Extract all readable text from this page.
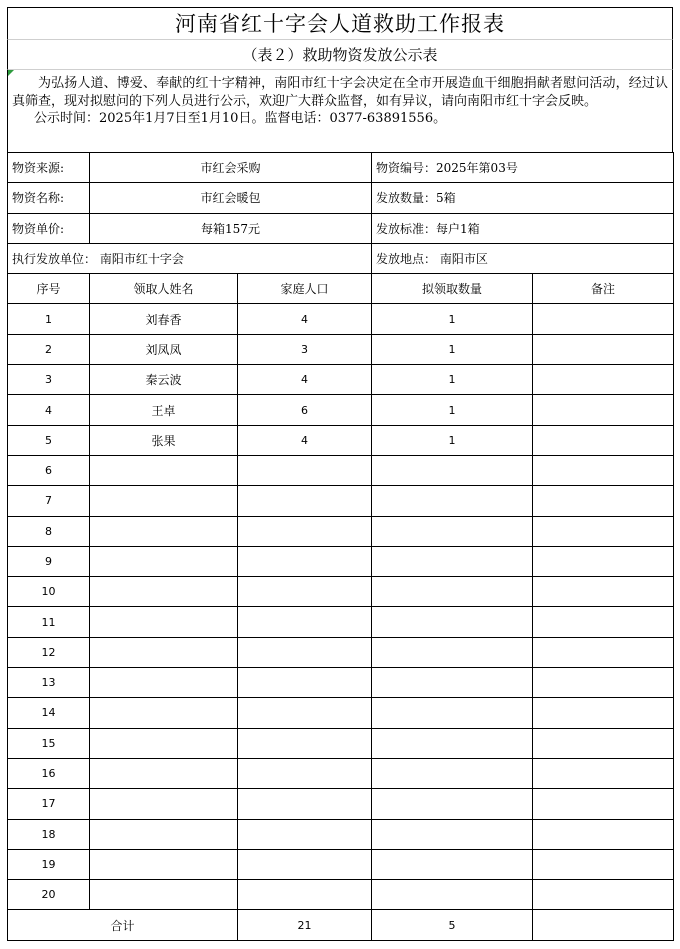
河南省红十字会人道救助工作报表
（表２）救助物资发放公示表
为弘扬人道、博爱、奉献的红十字精神，南阳市红十字会决定在全市开展造血干细胞捐献者慰问活动，经过认真筛查，现对拟慰问的下列人员进行公示，欢迎广大群众监督，如有异议，请向南阳市红十字会反映。
公示时间：2025年1月7日至1月10日。监督电话：0377-63891556。
物资来源:	市红会采购		物资编号：2025年第03号	
物资名称:	市红会暖包		发放数量：5箱	
物资单价:	每箱157元		发放标准：每户1箱	
执行发放单位： 南阳市红十字会			发放地点： 南阳市区	
序号	领取人姓名	家庭人口	拟领取数量	备注
1	刘春香	4	1	
2	刘凤凤	3	1	
3	秦云波	4	1	
4	王卓	6	1	
5	张果	4	1	
6				
7				
8				
9				
10				
11				
12				
13				
14				
15				
16				
17				
18				
19				
20				
合计		21	5	
